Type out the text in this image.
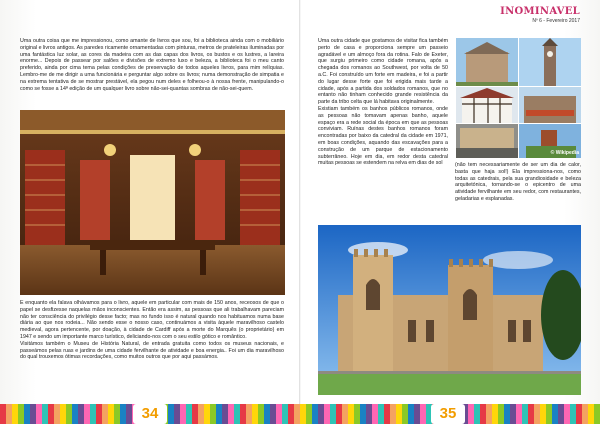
INOMINAVEL
Nº 6 - Fevereiro 2017

Uma outra coisa que me impressionou, como amante de livros que sou, foi a biblioteca ainda com o mobiliário original e livros antigos. As paredes ricamente ornamentadas com pinturas, metros de prateleiras iluminadas por uma fantástica luz solar, as cores da madeira com as das capas dos livros, os bustos e os lustres, a lareira enorme... Depois de passear por salões e divisões de extremo luxo e beleza, a biblioteca foi o meu canto preferido, ainda por cima tema pelas condições de preservação de todos aqueles livros, para mim relíquias. Lembro-me de me dirigir a uma funcionária e perguntar algo sobre os livros; numa demonstração de simpatia e na extrema tentativa de se mostrar prestável, ela pegou num deles e folheou-o à nossa frente, manipulando-o como se fosse a 14ª edição de um qualquer livro sobre não-sei-quantas sombras de não-sei-quem.

E enquanto ela falava olhávamos para o livro, aquele em particular com mais de 150 anos, receosos de que o papel se desfizesse naquelas mãos inconscientes. Então era assim, as pessoas que ali trabalhavam pareciam não ter consciência do privilégio desse facto; mas no fundo isso é natural quando nos habituamos numa base diária ao que nos rodeia... Não sendo esse o nosso caso, continuámos a visita àquele maravilhoso castelo medieval, agora pertencente, por doação, à cidade de Cardiff após a morte do Marquês (o proprietário) em 1947 e sendo um importante marco turístico, deliciando-nos com o seu estilo gótico e romântico.
Visitámos também o Museu de História Natural, de entrada gratuita como todos os museus nacionais, e passeámos pelas ruas e jardins de uma cidade fervilhante de atividade e boa energia.. Foi um dia maravilhoso do qual trouxemos ótimas recordações, como muitos outros que por aqui passámos.

Uma outra cidade que gostamos de visitar fica também perto de casa e proporciona sempre um passeio agradável e um almoço fora da rotina. Falo de Exeter, que surgiu primeiro como cidade romana, após a chegada dos romanos ao Southwest, por volta de 50 a.C. Foi construído um forte em madeira, e foi a partir do lugar desse forte que foi erigida mais tarde a cidade, após a partida dos soldados romanos, que no entanto não tinham conhecido grande resistência da parte da tribo celta que lá habitava originalmente.
Existiam também os banhos públicos romanos, onde as pessoas não tomavam apenas banho, aquele espaço era a rede social da época em que as pessoas conviviam. Ruínas destes banhos romanos foram encontradas por baixo da catedral da cidade em 1971, em boas condições, aquando das escavações para a construção de um parque de estacionamento subterrâneo. Hoje em dia, em redor desta catedral muitas pessoas se estendem na relva em dias de sol
© Wikipedia
(não tem necessariamente de ser um dia de calor, basta que haja sol!) Ela impressiona-nos, como todas as catedrais, pela sua grandiosidade e beleza arquitetónica, tornando-se o epicentro de uma atividade fervilhante em seu redor, com restaurantes, geladarias e esplanadas.
34	35
